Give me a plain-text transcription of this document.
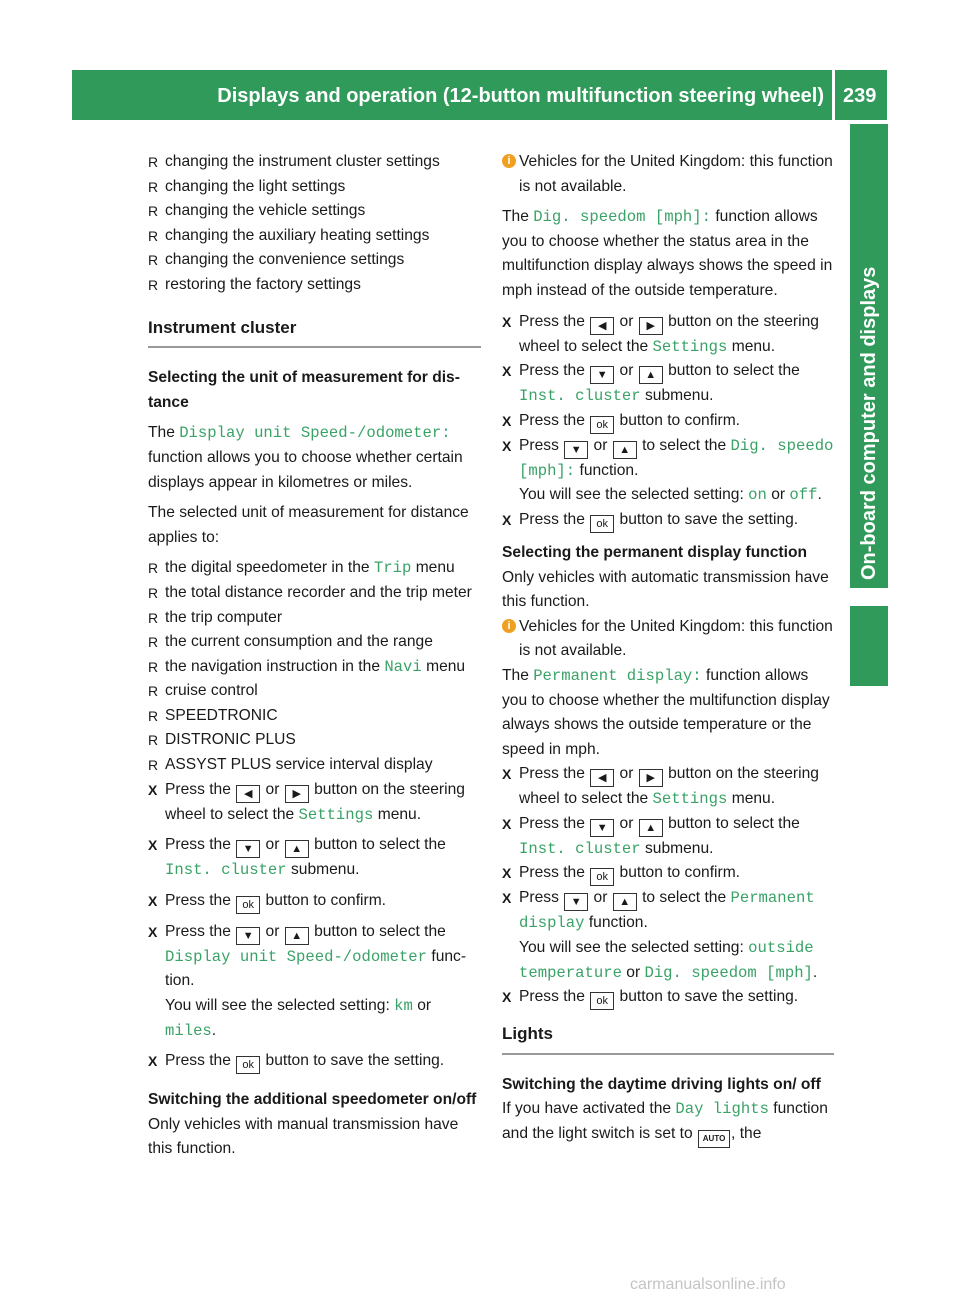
Displays and operation (12-button multifunction steering wheel) 239
On-board computer and displays

R changing the instrument cluster settings

R changing the light settings

R changing the vehicle settings

R changing the auxiliary heating settings

R changing the convenience settings

R restoring the factory settings

Instrument cluster

Selecting the unit of measurement for distance

The Display unit Speed-/odometer: function allows you to choose whether certain displays appear in kilometres or miles.

The selected unit of measurement for distance applies to:

R the digital speedometer in the Trip menu

R the total distance recorder and the trip meter

R the trip computer

R the current consumption and the range

R the navigation instruction in the Navi menu

R cruise control

R SPEEDTRONIC

R DISTRONIC PLUS

R ASSYST PLUS service interval display

X Press the ◀ or ▶ button on the steering wheel to select the Settings menu.

X Press the ▼ or ▲ button to select the Inst. cluster submenu.

X Press the ok button to confirm.

X Press the ▼ or ▲ button to select the Display unit Speed-/odometer function.
You will see the selected setting: km or miles.

X Press the ok button to save the setting.

Switching the additional speedometer on/off

Only vehicles with manual transmission have this function.

i Vehicles for the United Kingdom: this function is not available.

The Dig. speedom [mph]: function allows you to choose whether the status area in the multifunction display always shows the speed in mph instead of the outside temperature.

X Press the ◀ or ▶ button on the steering wheel to select the Settings menu.

X Press the ▼ or ▲ button to select the Inst. cluster submenu.

X Press the ok button to confirm.

X Press ▼ or ▲ to select the Dig. speedo [mph]: function.
You will see the selected setting: on or off.

X Press the ok button to save the setting.

Selecting the permanent display function

Only vehicles with automatic transmission have this function.

i Vehicles for the United Kingdom: this function is not available.

The Permanent display: function allows you to choose whether the multifunction display always shows the outside temperature or the speed in mph.

X Press the ◀ or ▶ button on the steering wheel to select the Settings menu.

X Press the ▼ or ▲ button to select the Inst. cluster submenu.

X Press the ok button to confirm.

X Press ▼ or ▲ to select the Permanent display function.
You will see the selected setting: outside temperature or Dig. speedom [mph].

X Press the ok button to save the setting.

Lights

Switching the daytime driving lights on/ off

If you have activated the Day lights function and the light switch is set to AUTO , the

carmanualsonline.info
